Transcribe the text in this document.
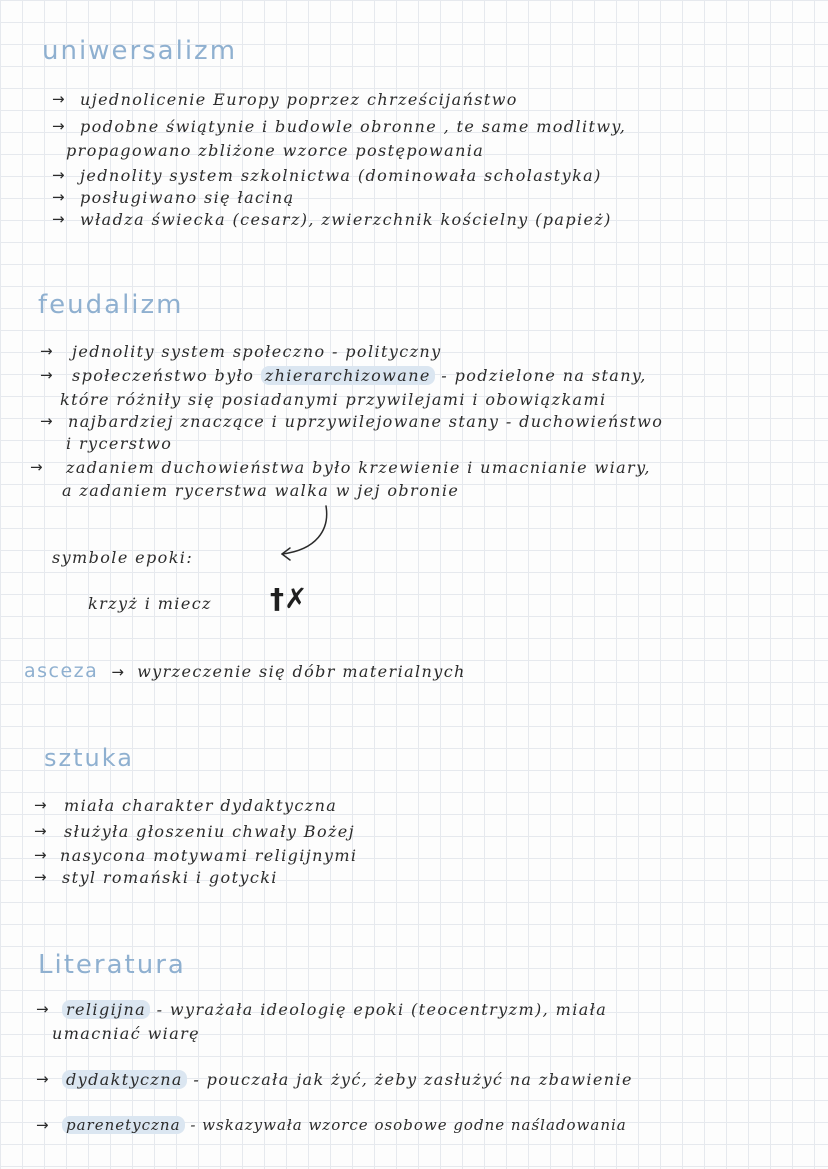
uniwersalizm
→ ujednolicenie Europy poprzez chrześcijaństwo
→ podobne świątynie i budowle obronne , te same modlitwy,
propagowano zbliżone wzorce postępowania
→ jednolity system szkolnictwa (dominowała scholastyka)
→ posługiwano się łaciną
→ władza świecka (cesarz), zwierzchnik kościelny (papież)
feudalizm
→ jednolity system społeczno - polityczny
→ społeczeństwo było zhierarchizowane - podzielone na stany,
które różniły się posiadanymi przywilejami i obowiązkami
→ najbardziej znaczące i uprzywilejowane stany - duchowieństwo
i rycerstwo
→ zadaniem duchowieństwa było krzewienie i umacnianie wiary,
a zadaniem rycerstwa walka w jej obronie
symbole epoki:
krzyż i miecz †✗
asceza → wyrzeczenie się dóbr materialnych
sztuka
→ miała charakter dydaktyczna
→ służyła głoszeniu chwały Bożej
→ nasycona motywami religijnymi
→ styl romański i gotycki
Literatura
→ religijna - wyrażała ideologię epoki (teocentryzm), miała
umacniać wiarę
→ dydaktyczna - pouczała jak żyć, żeby zasłużyć na zbawienie
→ parenetyczna - wskazywała wzorce osobowe godne naśladowania
